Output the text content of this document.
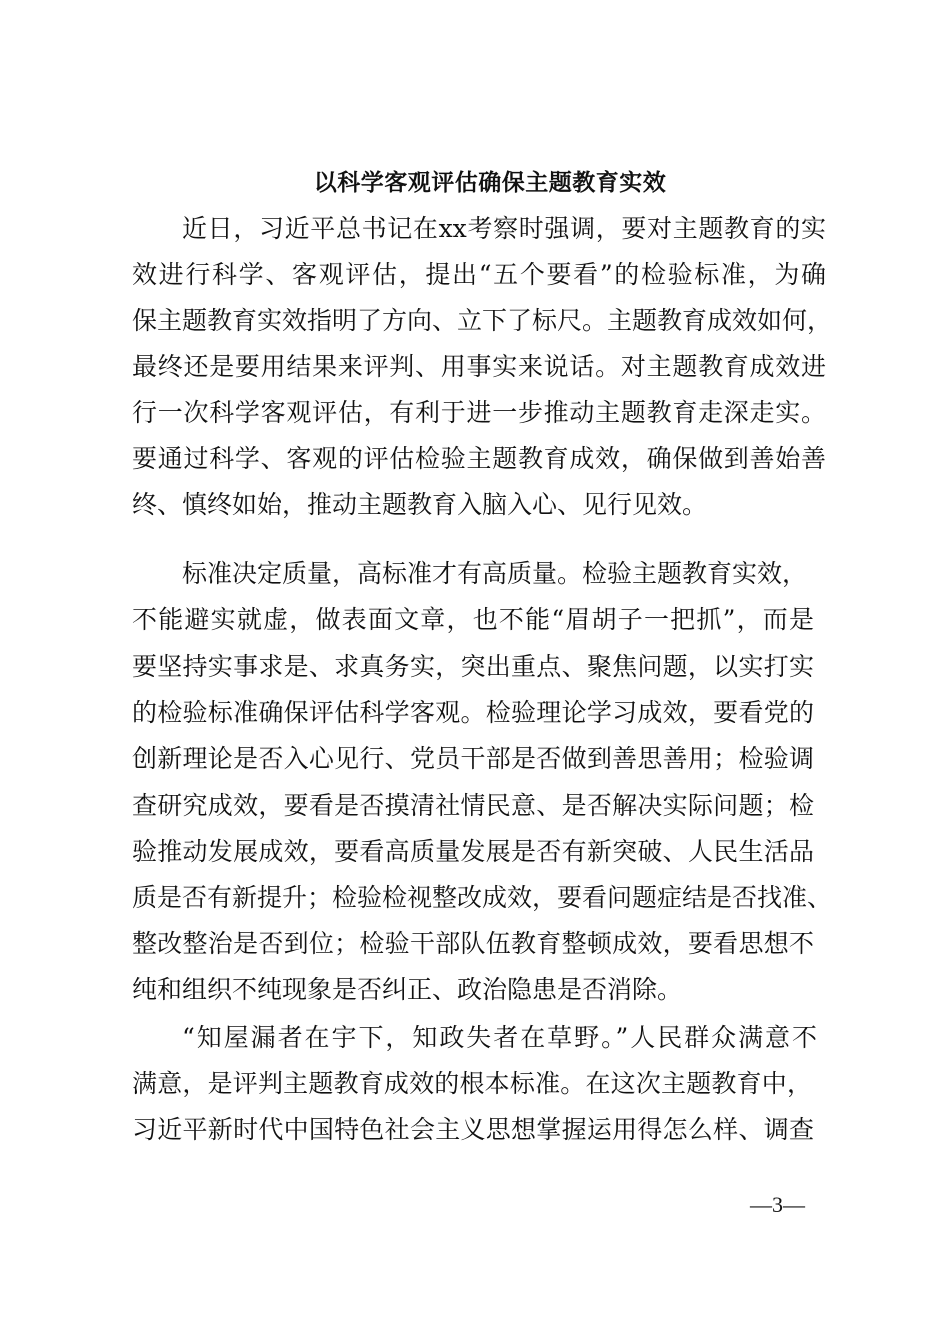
以科学客观评估确保主题教育实效
近日，习近平总书记在xx考察时强调，要对主题教育的实
效进行科学、客观评估，提出“五个要看”的检验标准，为确
保主题教育实效指明了方向、立下了标尺。主题教育成效如何，
最终还是要用结果来评判、用事实来说话。对主题教育成效进
行一次科学客观评估，有利于进一步推动主题教育走深走实。
要通过科学、客观的评估检验主题教育成效，确保做到善始善
终、慎终如始，推动主题教育入脑入心、见行见效。
标准决定质量，高标准才有高质量。检验主题教育实效，
不能避实就虚，做表面文章，也不能“眉胡子一把抓”，而是
要坚持实事求是、求真务实，突出重点、聚焦问题，以实打实
的检验标准确保评估科学客观。检验理论学习成效，要看党的
创新理论是否入心见行、党员干部是否做到善思善用；检验调
查研究成效，要看是否摸清社情民意、是否解决实际问题；检
验推动发展成效，要看高质量发展是否有新突破、人民生活品
质是否有新提升；检验检视整改成效，要看问题症结是否找准、
整改整治是否到位；检验干部队伍教育整顿成效，要看思想不
纯和组织不纯现象是否纠正、政治隐患是否消除。
“知屋漏者在宇下，知政失者在草野。”人民群众满意不
满意，是评判主题教育成效的根本标准。在这次主题教育中，
习近平新时代中国特色社会主义思想掌握运用得怎么样、调查
—3—
